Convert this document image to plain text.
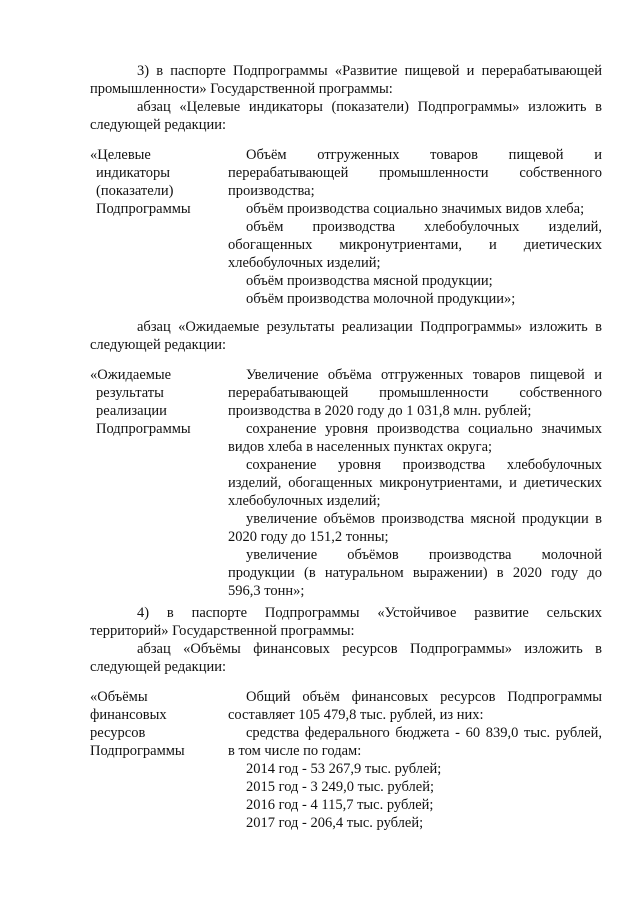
3) в паспорте Подпрограммы «Развитие пищевой и перерабатывающей
промышленности» Государственной программы:
абзац «Целевые индикаторы (показатели) Подпрограммы» изложить в
следующей редакции:
«Целевые
индикаторы
(показатели)
Подпрограммы
Объём отгруженных товаров пищевой и
перерабатывающей промышленности собственного
производства;
объём производства социально значимых видов хлеба;
объём производства хлебобулочных изделий,
обогащенных микронутриентами, и диетических
хлебобулочных изделий;
объём производства мясной продукции;
объём производства молочной продукции»;
абзац «Ожидаемые результаты реализации Подпрограммы» изложить в
следующей редакции:
«Ожидаемые
результаты
реализации
Подпрограммы
Увеличение объёма отгруженных товаров пищевой и
перерабатывающей промышленности собственного
производства в 2020 году до 1 031,8 млн. рублей;
сохранение уровня производства социально значимых
видов хлеба в населенных пунктах округа;
сохранение уровня производства хлебобулочных
изделий, обогащенных микронутриентами, и диетических
хлебобулочных изделий;
увеличение объёмов производства мясной продукции в
2020 году до 151,2 тонны;
увеличение объёмов производства молочной
продукции (в натуральном выражении) в 2020 году до
596,3 тонн»;
4) в паспорте Подпрограммы «Устойчивое развитие сельских
территорий» Государственной программы:
абзац «Объёмы финансовых ресурсов Подпрограммы» изложить в
следующей редакции:
«Объёмы
финансовых
ресурсов
Подпрограммы
Общий объём финансовых ресурсов Подпрограммы
составляет 105 479,8 тыс. рублей, из них:
средства федерального бюджета - 60 839,0 тыс. рублей,
в том числе по годам:
2014 год - 53 267,9 тыс. рублей;
2015 год - 3 249,0 тыс. рублей;
2016 год - 4 115,7 тыс. рублей;
2017 год - 206,4 тыс. рублей;
